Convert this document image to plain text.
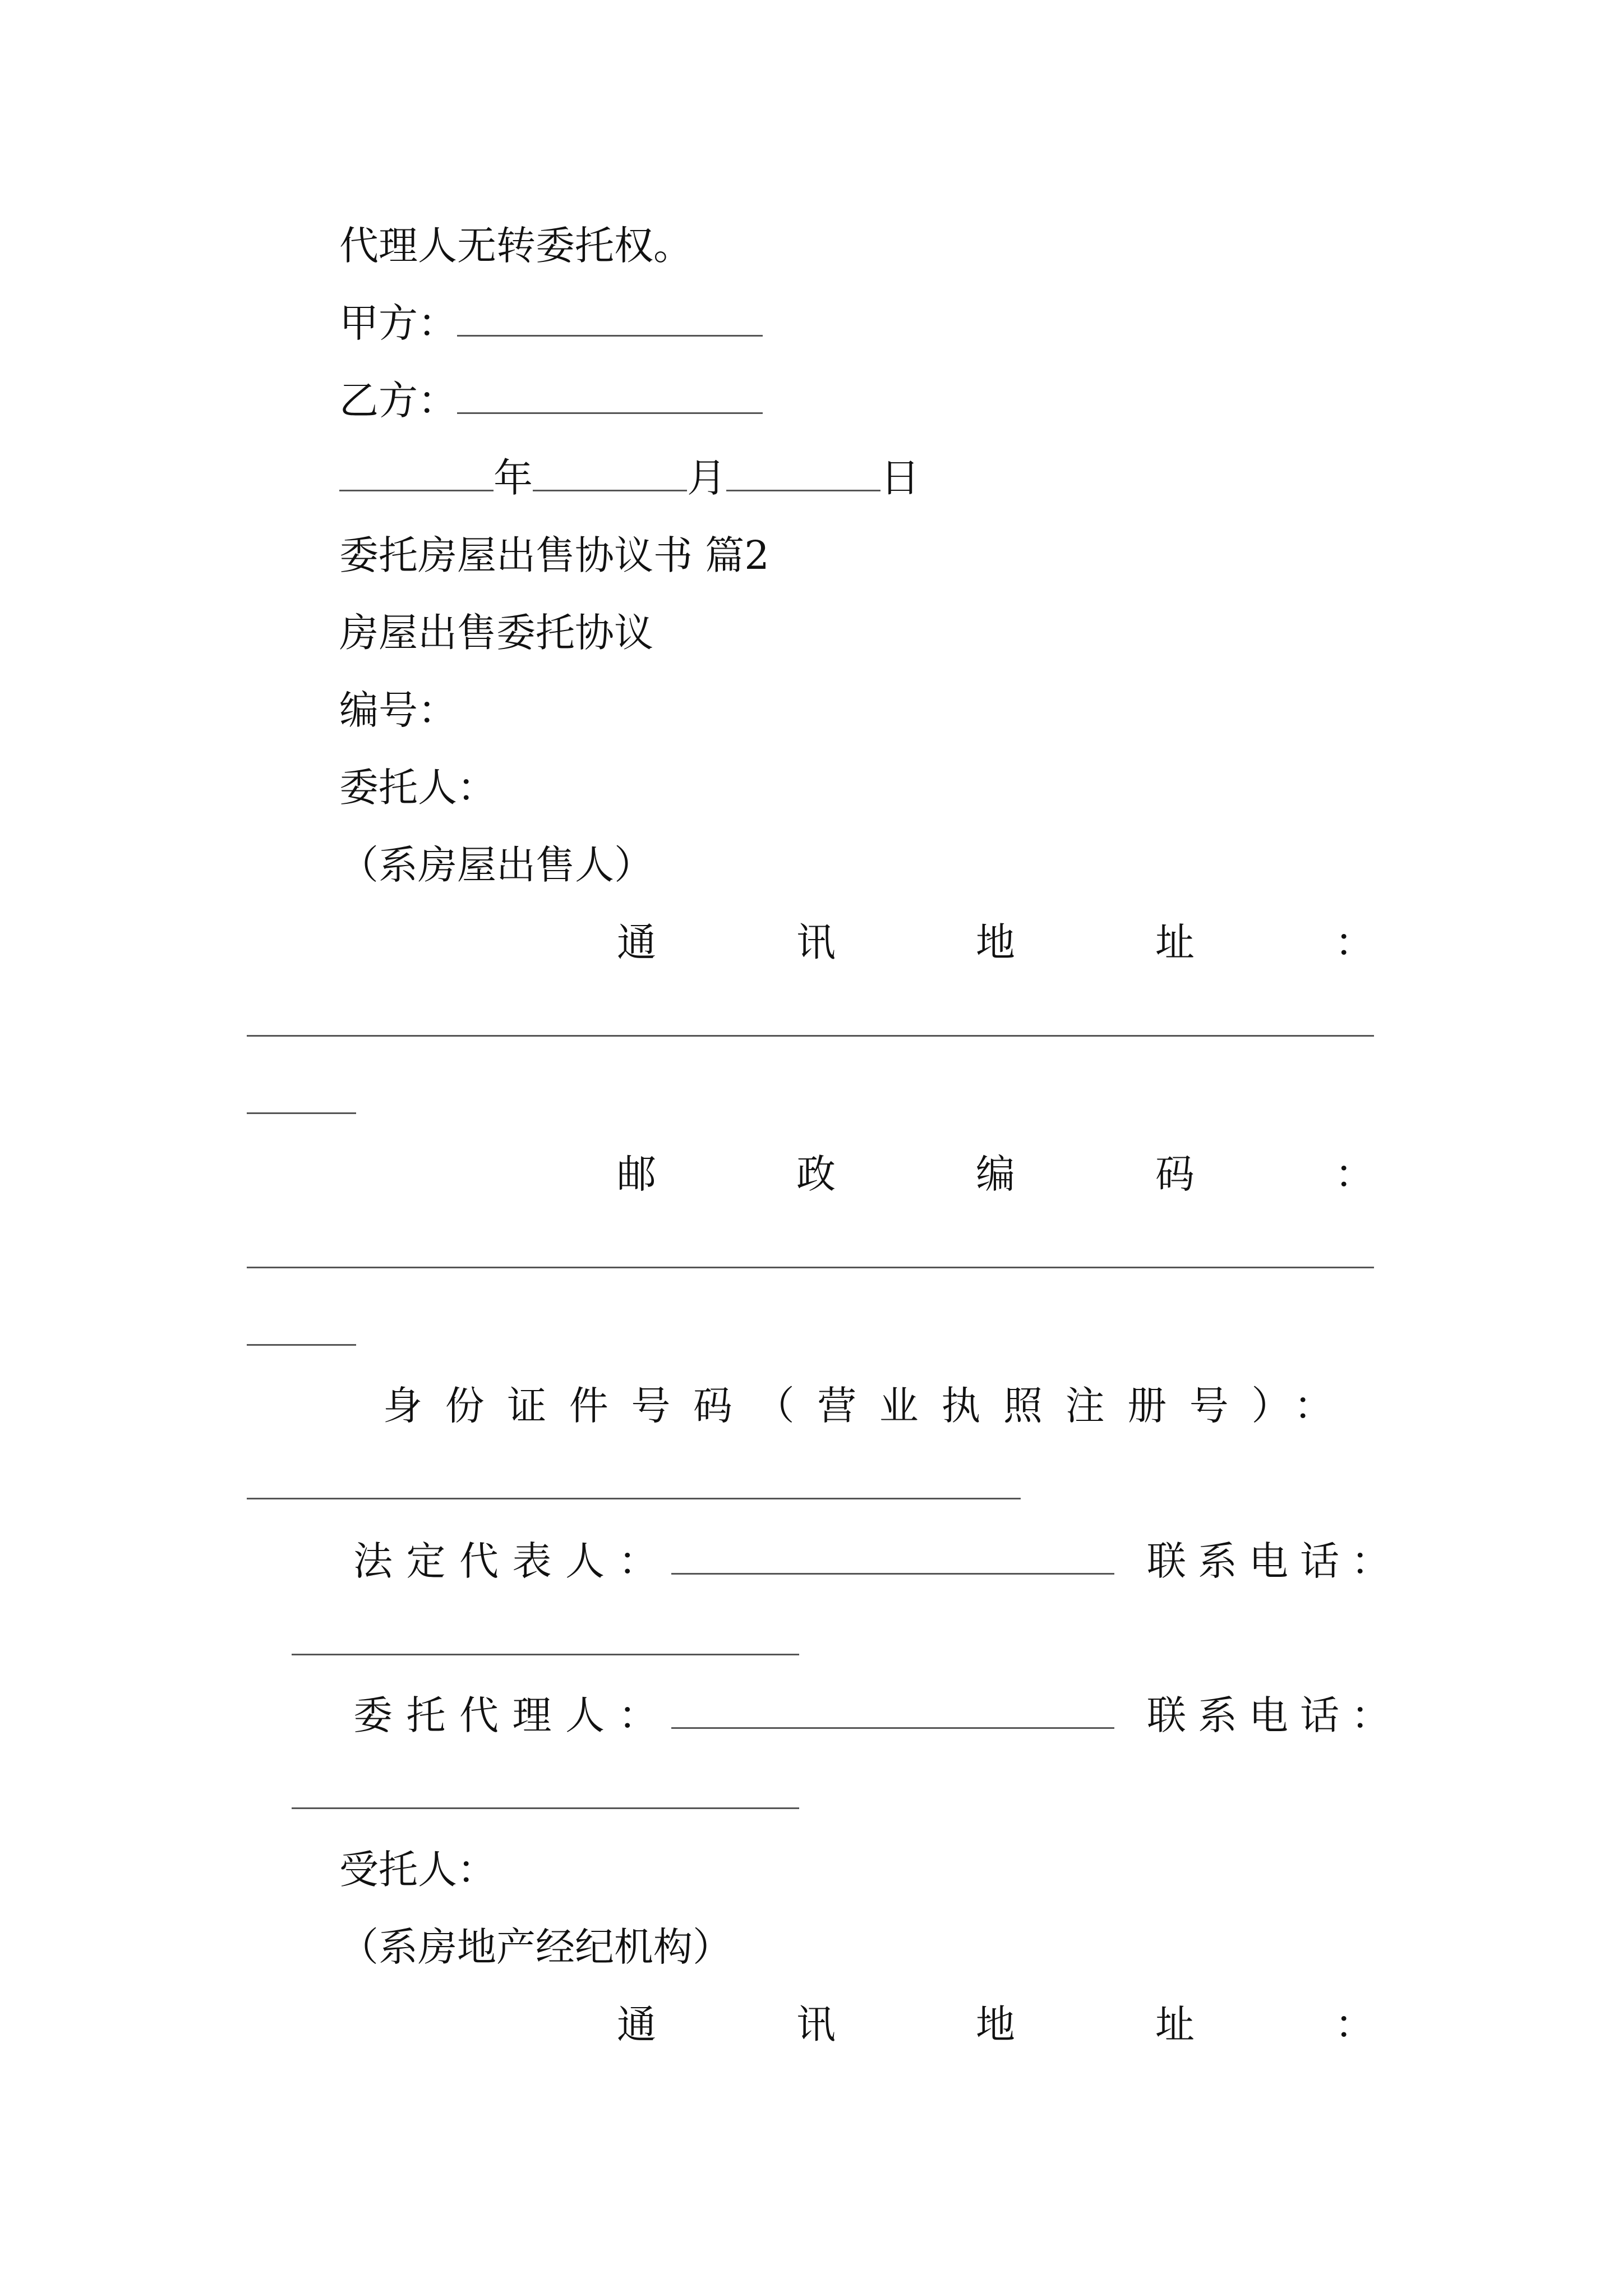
代理人无转委托权。
甲方：
乙方：
年	月	日
委托房屋出售协议书 篇2
房屋出售委托协议
编号：
委托人：
（系房屋出售人）
通	讯	地	址	：
邮	政	编	码	：
身份证件号码（营业执照注册号）：
法定代表人：	联系电话：
委托代理人：	联系电话：
受托人：
（系房地产经纪机构）
通	讯	地	址	：
